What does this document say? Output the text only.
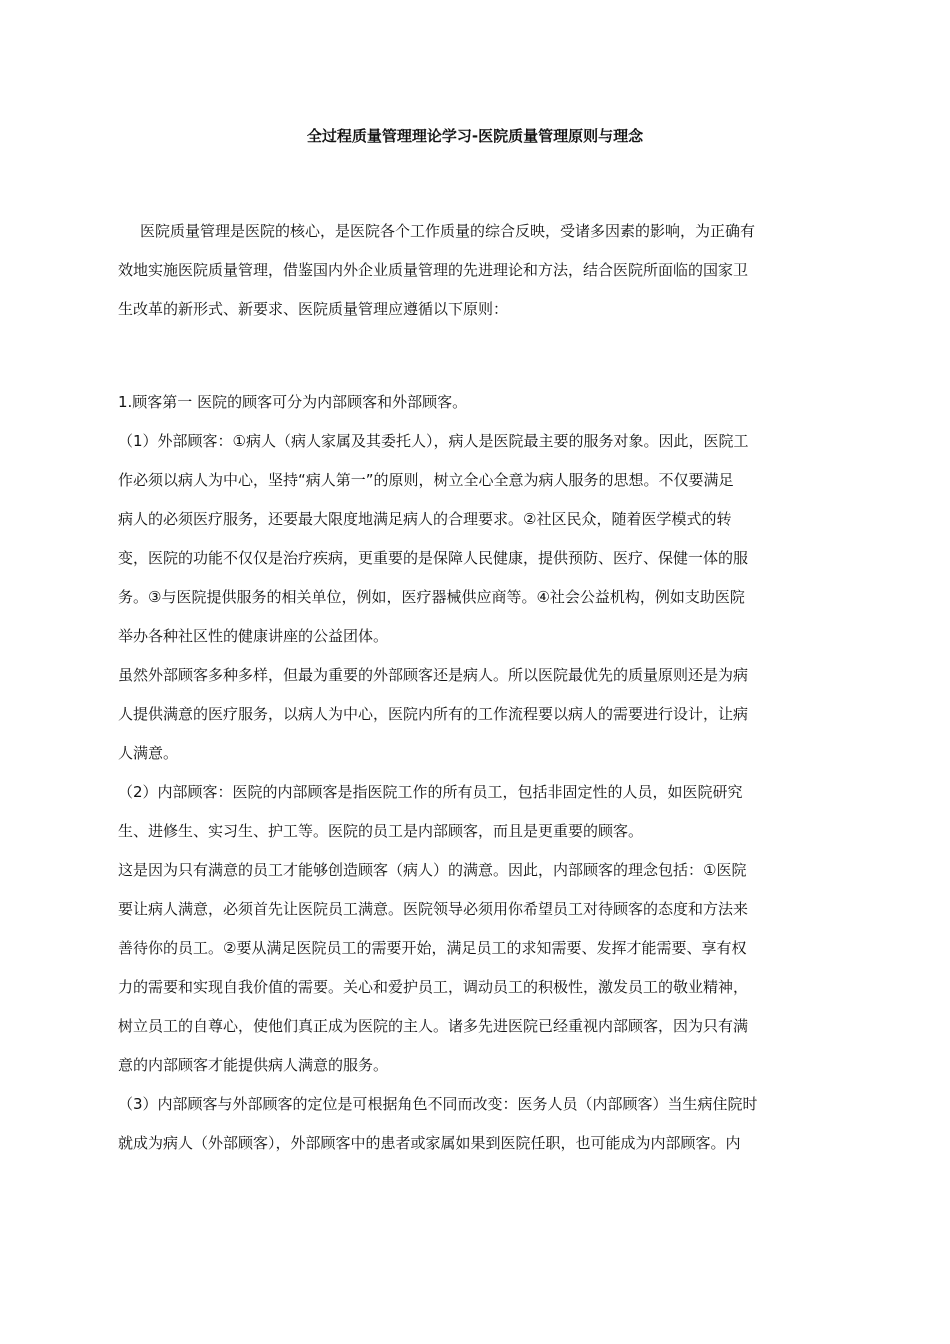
全过程质量管理理论学习-医院质量管理原则与理念
医院质量管理是医院的核心，是医院各个工作质量的综合反映，受诸多因素的影响，为正确有
效地实施医院质量管理，借鉴国内外企业质量管理的先进理论和方法，结合医院所面临的国家卫
生改革的新形式、新要求、医院质量管理应遵循以下原则：
1.顾客第一 医院的顾客可分为内部顾客和外部顾客。
（1）外部顾客：①病人（病人家属及其委托人），病人是医院最主要的服务对象。因此，医院工
作必须以病人为中心，坚持“病人第一”的原则，树立全心全意为病人服务的思想。不仅要满足
病人的必须医疗服务，还要最大限度地满足病人的合理要求。②社区民众，随着医学模式的转
变，医院的功能不仅仅是治疗疾病，更重要的是保障人民健康，提供预防、医疗、保健一体的服
务。③与医院提供服务的相关单位，例如，医疗器械供应商等。④社会公益机构，例如支助医院
举办各种社区性的健康讲座的公益团体。
虽然外部顾客多种多样，但最为重要的外部顾客还是病人。所以医院最优先的质量原则还是为病
人提供满意的医疗服务，以病人为中心，医院内所有的工作流程要以病人的需要进行设计，让病
人满意。
（2）内部顾客：医院的内部顾客是指医院工作的所有员工，包括非固定性的人员，如医院研究
生、进修生、实习生、护工等。医院的员工是内部顾客，而且是更重要的顾客。
这是因为只有满意的员工才能够创造顾客（病人）的满意。因此，内部顾客的理念包括：①医院
要让病人满意，必须首先让医院员工满意。医院领导必须用你希望员工对待顾客的态度和方法来
善待你的员工。②要从满足医院员工的需要开始，满足员工的求知需要、发挥才能需要、享有权
力的需要和实现自我价值的需要。关心和爱护员工，调动员工的积极性，激发员工的敬业精神，
树立员工的自尊心，使他们真正成为医院的主人。诸多先进医院已经重视内部顾客，因为只有满
意的内部顾客才能提供病人满意的服务。
（3）内部顾客与外部顾客的定位是可根据角色不同而改变：医务人员（内部顾客）当生病住院时
就成为病人（外部顾客），外部顾客中的患者或家属如果到医院任职，也可能成为内部顾客。内
